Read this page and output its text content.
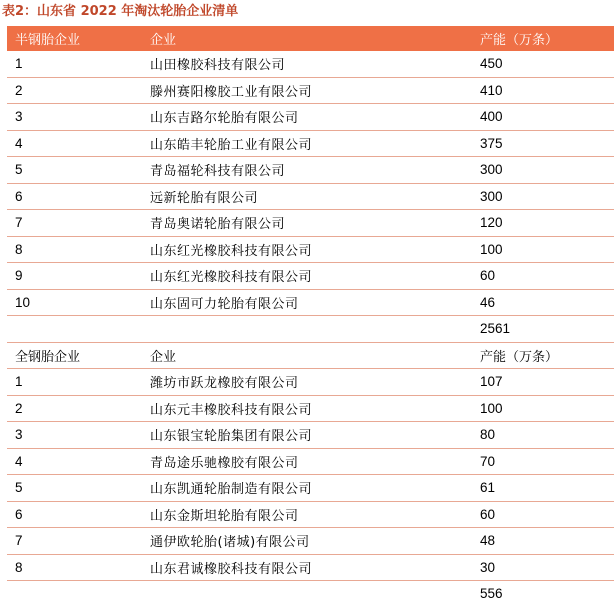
表2：山东省 2022 年淘汰轮胎企业清单
半钢胎企业	企业	产能（万条）
1	山田橡胶科技有限公司	450
2	滕州赛阳橡胶工业有限公司	410
3	山东吉路尔轮胎有限公司	400
4	山东皓丰轮胎工业有限公司	375
5	青岛福轮科技有限公司	300
6	远新轮胎有限公司	300
7	青岛奥诺轮胎有限公司	120
8	山东红光橡胶科技有限公司	100
9	山东红光橡胶科技有限公司	60
10	山东固可力轮胎有限公司	46
		2561
全钢胎企业	企业	产能（万条）
1	潍坊市跃龙橡胶有限公司	107
2	山东元丰橡胶科技有限公司	100
3	山东银宝轮胎集团有限公司	80
4	青岛途乐驰橡胶有限公司	70
5	山东凯通轮胎制造有限公司	61
6	山东金斯坦轮胎有限公司	60
7	通伊欧轮胎(诸城)有限公司	48
8	山东君诚橡胶科技有限公司	30
		556
